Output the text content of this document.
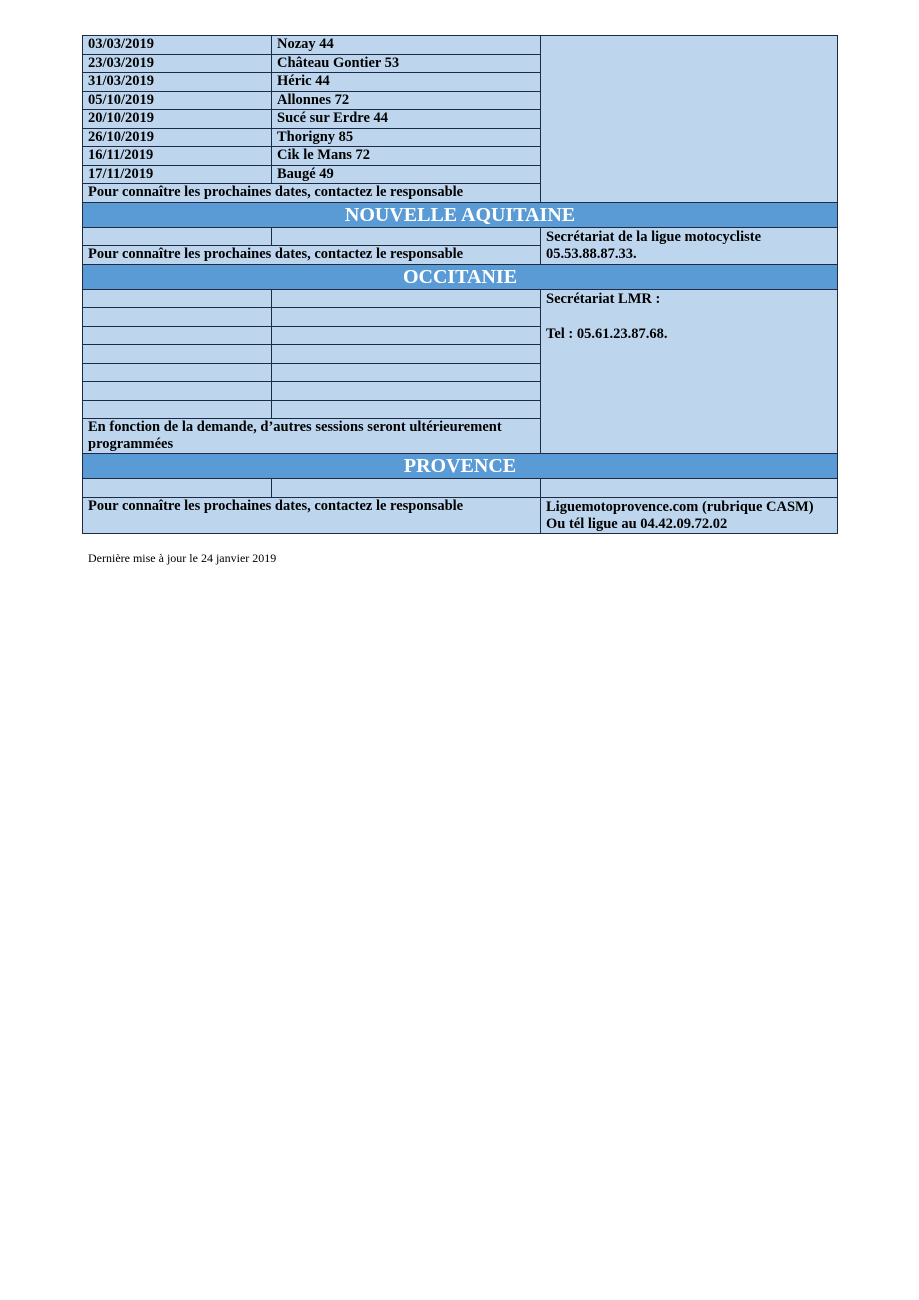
03/03/2019	Nozay 44	
23/03/2019	Château Gontier 53	
31/03/2019	Héric 44	
05/10/2019	Allonnes 72	
20/10/2019	Sucé sur Erdre 44	
26/10/2019	Thorigny 85	
16/11/2019	Cik le Mans 72	
17/11/2019	Baugé 49	
Pour connaître les prochaines dates, contactez le responsable		
NOUVELLE AQUITAINE		
		Secrétariat de la ligue motocycliste
05.53.88.87.33.
Pour connaître les prochaines dates, contactez le responsable		
OCCITANIE		
		Secrétariat LMR :
Tel : 05.61.23.87.68.

En fonction de la demande, d’autres sessions seront ultérieurement programmées		
PROVENCE		

Pour connaître les prochaines dates, contactez le responsable		Liguemotoprovence.com (rubrique CASM)
Ou tél ligue au 04.42.09.72.02
Dernière mise à jour le 24 janvier 2019
